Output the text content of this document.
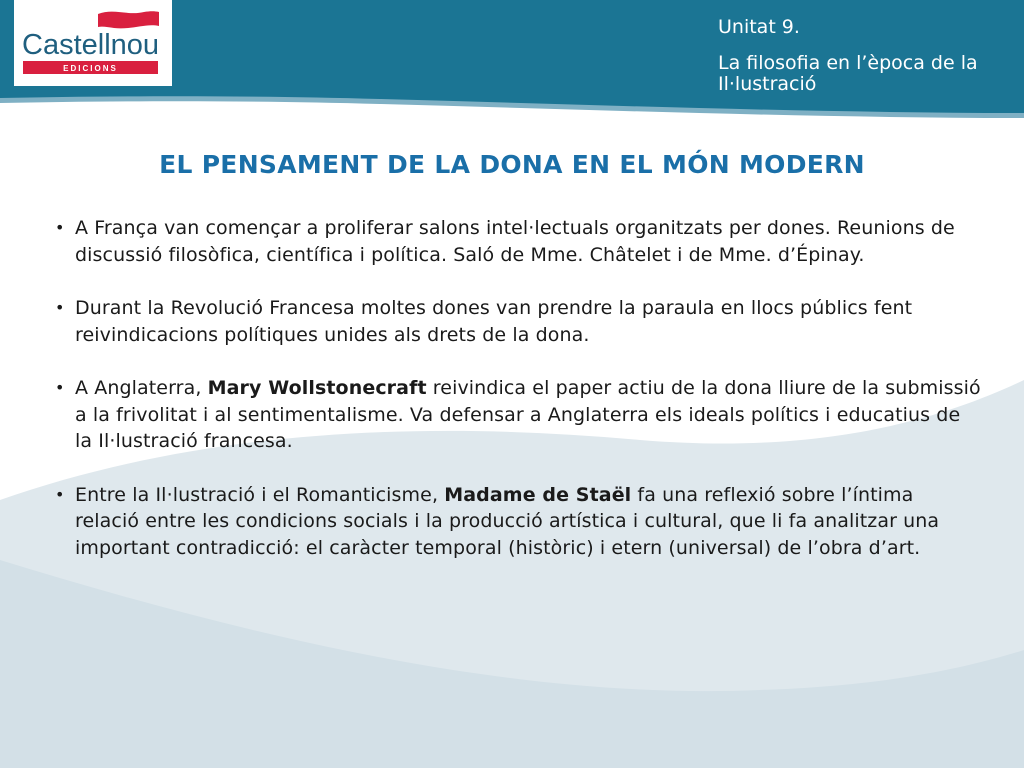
Castellnou
EDICIONS
Unitat 9.
La filosofia en l’època de la Il·lustració
EL PENSAMENT DE LA DONA EN EL MÓN MODERN
• A França van començar a proliferar salons intel·lectuals organitzats per dones. Reunions de discussió filosòfica, científica i política. Saló de Mme. Châtelet i de Mme. d’Épinay.
• Durant la Revolució Francesa moltes dones van prendre la paraula en llocs públics fent reivindicacions polítiques unides als drets de la dona.
• A Anglaterra, Mary Wollstonecraft reivindica el paper actiu de la dona lliure de la submissió a la frivolitat i al sentimentalisme. Va defensar a Anglaterra els ideals polítics i educatius de la Il·lustració francesa.
• Entre la Il·lustració i el Romanticisme, Madame de Staël fa una reflexió sobre l’íntima relació entre les condicions socials i la producció artística i cultural, que li fa analitzar una important contradicció: el caràcter temporal (històric) i etern (universal) de l’obra d’art.
